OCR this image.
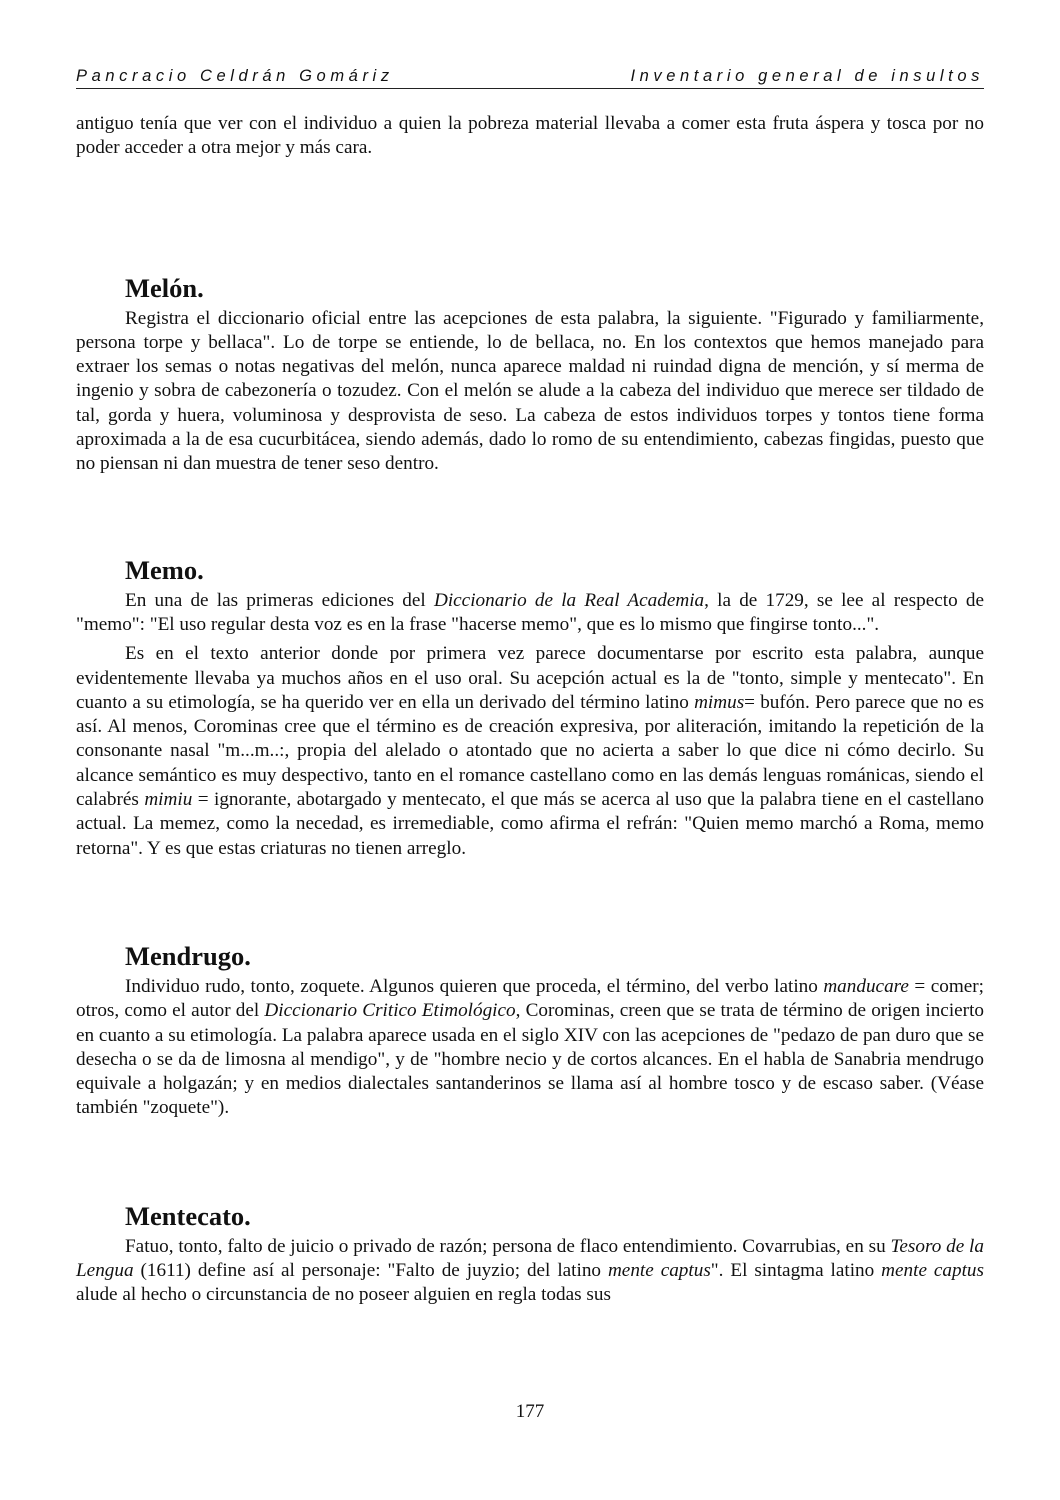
Pancracio Celdrán Gomáriz	Inventario general de insultos

antiguo tenía que ver con el individuo a quien la pobreza material llevaba a comer esta fruta áspera y tosca por no poder acceder a otra mejor y más cara.

Melón.

Registra el diccionario oficial entre las acepciones de esta palabra, la siguiente. "Figurado y familiarmente, persona torpe y bellaca". Lo de torpe se entiende, lo de bellaca, no. En los contextos que hemos manejado para extraer los semas o notas negativas del melón, nunca aparece maldad ni ruindad digna de mención, y sí merma de ingenio y sobra de cabezonería o tozudez. Con el melón se alude a la cabeza del individuo que merece ser tildado de tal, gorda y huera, voluminosa y desprovista de seso. La cabeza de estos individuos torpes y tontos tiene forma aproximada a la de esa cucurbitácea, siendo además, dado lo romo de su entendimiento, cabezas fingidas, puesto que no piensan ni dan muestra de tener seso dentro.

Memo.

En una de las primeras ediciones del Diccionario de la Real Academia, la de 1729, se lee al respecto de "memo": "El uso regular desta voz es en la frase "hacerse memo", que es lo mismo que fingirse tonto...".

Es en el texto anterior donde por primera vez parece documentarse por escrito esta palabra, aunque evidentemente llevaba ya muchos años en el uso oral. Su acepción actual es la de "tonto, simple y mentecato". En cuanto a su etimología, se ha querido ver en ella un derivado del término latino mimus= bufón. Pero parece que no es así. Al menos, Corominas cree que el término es de creación expresiva, por aliteración, imitando la repetición de la consonante nasal "m...m..:, propia del alelado o atontado que no acierta a saber lo que dice ni cómo decirlo. Su alcance semántico es muy despectivo, tanto en el romance castellano como en las demás lenguas románicas, siendo el calabrés mimiu = ignorante, abotargado y mentecato, el que más se acerca al uso que la palabra tiene en el castellano actual. La memez, como la necedad, es irremediable, como afirma el refrán: "Quien memo marchó a Roma, memo retorna". Y es que estas criaturas no tienen arreglo.

Mendrugo.

Individuo rudo, tonto, zoquete. Algunos quieren que proceda, el término, del verbo latino manducare = comer; otros, como el autor del Diccionario Critico Etimológico, Corominas, creen que se trata de término de origen incierto en cuanto a su etimología. La palabra aparece usada en el siglo XIV con las acepciones de "pedazo de pan duro que se desecha o se da de limosna al mendigo", y de "hombre necio y de cortos alcances. En el habla de Sanabria mendrugo equivale a holgazán; y en medios dialectales santanderinos se llama así al hombre tosco y de escaso saber. (Véase también "zoquete").

Mentecato.

Fatuo, tonto, falto de juicio o privado de razón; persona de flaco entendimiento. Covarrubias, en su Tesoro de la Lengua (1611) define así al personaje: "Falto de juyzio; del latino mente captus". El sintagma latino mente captus alude al hecho o circunstancia de no poseer alguien en regla todas sus

177
